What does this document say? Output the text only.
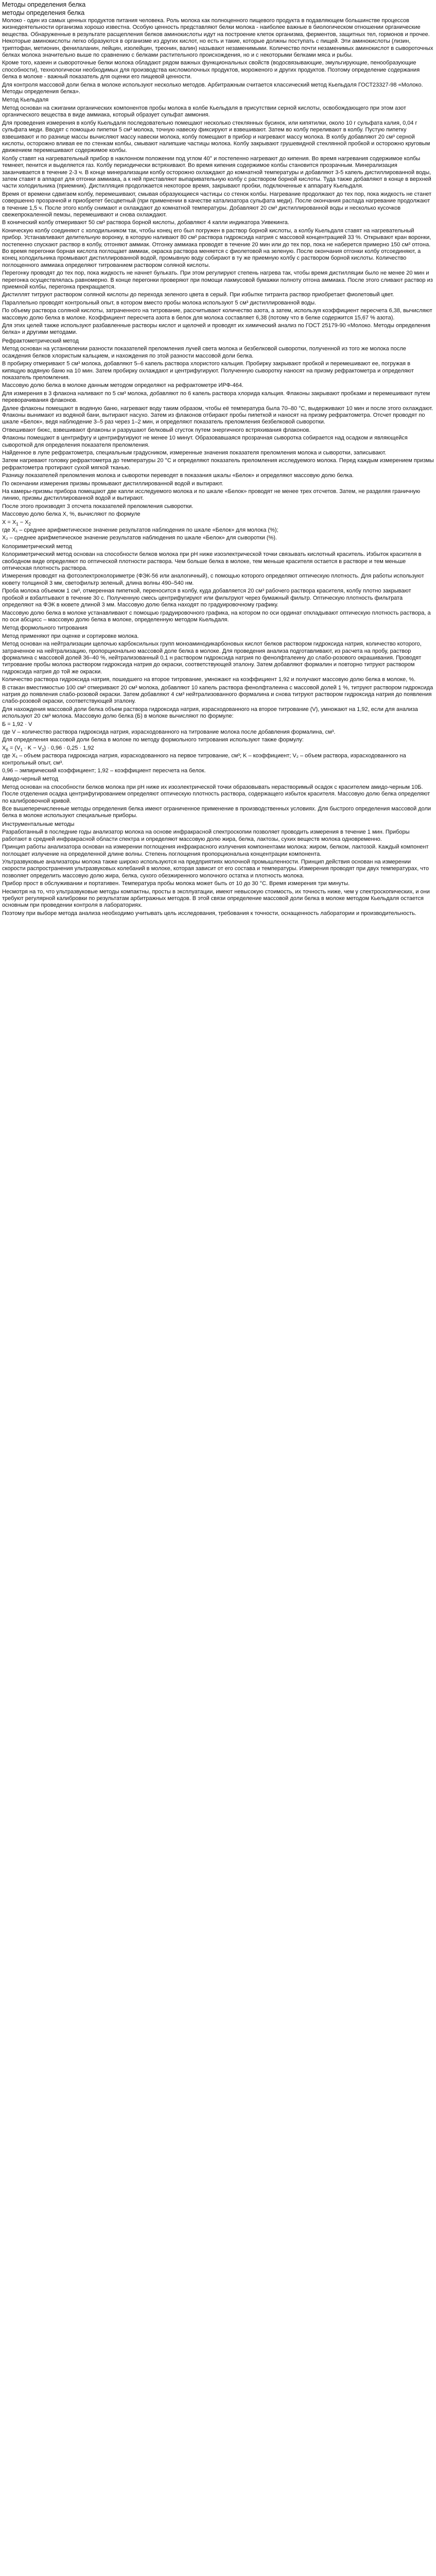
Методы определения белка
методы определения белка
Молоко - один из самых ценных продуктов питания человека. Роль молока как полноценного пищевого продукта в подавляющем большинстве процессов жизнедеятельности организма хорошо известна. Особую ценность представляют белки молока - наиболее важные в биологическом отношении органические вещества. Обнаруженные в результате расщепления белков аминокислоты идут на построение клеток организма, ферментов, защитных тел, гормонов и прочее. Некоторые аминокислоты легко образуются в организме из других кислот, но есть и такие, которые должны поступать с пищей. Эти аминокислоты (лизин, триптофан, метионин, фенилаланин, лейцин, изолейцин, треонин, валин) называют незаменимыми. Количество почти незаменимых аминокислот в сывороточных белках молока значительно выше по сравнению с белками растительного происхождения, но и с некоторыми белками мяса и рыбы.
Кроме того, казеин и сывороточные белки молока обладают рядом важных функциональных свойств (водосвязывающие, эмульгирующие, пенообразующие способности), технологически необходимых для производства кисломолочных продуктов, мороженого и других продуктов. Поэтому определение содержания белка в молоке - важный показатель для оценки его пищевой ценности.
Для контроля массовой доли белка в молоке используют несколько методов. Арбитражным считается классический метод Кьельдаля ГОСТ23327-98 «Молоко. Методы определения белка».
Метод Кьельдаля
Метод основан на сжигании органических компонентов пробы молока в колбе Кьельдаля в присутствии серной кислоты, освобождающего при этом азот органического вещества в виде аммиака, который образует сульфат аммония.
Для проведения измерения в колбу Кьельдаля последовательно помещают несколько стеклянных бусинок, или кипятилки, около 10 г сульфата калия, 0,04 г сульфата меди. Вводят с помощью пипетки 5 см³ молока, точную навеску фиксируют и взвешивают. Затем во колбу переливают в колбу. Пустую пипетку взвешивают и по разнице массы вычисляют массу навески молока, колбу помещают в прибор и нагревают массу молока. В колбу добавляют 20 см³ серной кислоты, осторожно вливая ее по стенкам колбы, смывают налипшие частицы молока. Колбу закрывают грушевидной стеклянной пробкой и осторожно круговым движением перемешивают содержимое колбы.
Колбу ставят на нагревательный прибор в наклонном положении под углом 40° и постепенно нагревают до кипения. Во время нагревания содержимое колбы темнеет, пенится и выделяется газ. Колбу периодически встряхивают. Во время кипения содержимое колбы становится прозрачным. Минерализация заканчивается в течение 2-3 ч. В конце минерализации колбу осторожно охлаждают до комнатной температуры и добавляют 3-5 капель дистиллированной воды, затем ставят в аппарат для отгонки аммиака, а к ней приставляют выпаривательную колбу с раствором борной кислоты. Туда также добавляют в конце в верхней части холодильника (приемник). Дистилляция продолжается некоторое время, закрывают пробки, подключенные к аппарату Кьельдаля.
Время от времени сдвигаем колбу, перемешивают, смывая образующиеся частицы со стенок колбы. Нагревание продолжают до тех пор, пока жидкость не станет совершенно прозрачной и приобретет бесцветный (при применении в качестве катализатора сульфата меди). После окончания распада нагревание продолжают в течение 1,5 ч. После этого колбу снимают и охлаждают до комнатной температуры. Добавляют 20 см³ дистиллированной воды и несколько кусочков свежепрокаленной пемзы, перемешивают и снова охлаждают.
В конический колбу отмеривают 50 см³ раствора борной кислоты, добавляют 4 капли индикатора Уивекинга.
Коническую колбу соединяют с холодильником так, чтобы конец его был погружен в раствор борной кислоты, а колбу Кьельдаля ставят на нагревательный прибор. Устанавливают делительную воронку, в которую наливают 80 см³ раствора гидроксида натрия с массовой концентрацией 33 %. Открывают кран воронки, постепенно спускают раствор в колбу, отгоняют аммиак. Отгонку аммиака проводят в течение 20 мин или до тех пор, пока не наберется примерно 150 см³ отгона. Во время перегонки борная кислота поглощает аммиак, окраска раствора меняется с фиолетовой на зеленую. После окончания отгонки колбу отсоединяют, а конец холодильника промывают дистиллированной водой, промывную воду собирают в ту же приемную колбу с раствором борной кислоты. Количество поглощенного аммиака определяют титрованием раствором соляной кислоты.
Перегонку проводят до тех пор, пока жидкость не начнет булькать. При этом регулируют степень нагрева так, чтобы время дистилляции было не менее 20 мин и перегонка осуществлялась равномерно. В конце перегонки проверяют при помощи лакмусовой бумажки полноту отгона аммиака. После этого сливают раствор из приемной колбы, перегонка прекращается.
Дистиллят титруют раствором соляной кислоты до перехода зеленого цвета в серый. При избытке титранта раствор приобретает фиолетовый цвет.
Параллельно проводят контрольный опыт, в котором вместо пробы молока используют 5 см³ дистиллированной воды.
По объему раствора соляной кислоты, затраченного на титрование, рассчитывают количество азота, а затем, используя коэффициент пересчета 6,38, вычисляют массовую долю белка в молоке. Коэффициент пересчета азота в белок для молока составляет 6,38 (потому что в белке содержится 15,67 % азота).
Для этих целей также используют разбавленные растворы кислот и щелочей и проводят их химический анализ по ГОСТ 25179-90 «Молоко. Методы определения белка» и другими методами.
Рефрактометрический метод
Метод основан на установлении разности показателей преломления лучей света молока и безбелковой сыворотки, полученной из того же молока после осаждения белков хлористым кальцием, и нахождения по этой разности массовой доли белка.
В пробирку отмеривают 5 см³ молока, добавляют 5–6 капель раствора хлористого кальция. Пробирку закрывают пробкой и перемешивают ее, погружая в кипящую водяную баню на 10 мин. Затем пробирку охлаждают и центрифугируют. Полученную сыворотку наносят на призму рефрактометра и определяют показатель преломления.
Массовую долю белка в молоке данным методом определяют на рефрактометре ИРФ-464.
Для измерения в 3 флакона наливают по 5 см³ молока, добавляют по 6 капель раствора хлорида кальция. Флаконы закрывают пробками и перемешивают путем переворачивания флаконов.
Далее флаконы помещают в водяную баню, нагревают воду таким образом, чтобы её температура была 70–80 °С, выдерживают 10 мин и после этого охлаждают. Флаконы вынимают из водяной бани, вытирают насухо. Затем из флаконов отбирают пробы пипеткой и наносят на призму рефрактометра. Отсчет проводят по шкале «Белок», ведя наблюдение 3–5 раз через 1–2 мин, и определяют показатель преломления безбелковой сыворотки.
Отвешивают бюкс, взвешивают флаконы и разрушают белковый сгусток путем энергичного встряхивания флаконов.
Флаконы помещают в центрифугу и центрифугируют не менее 10 минут. Образовавшаяся прозрачная сыворотка собирается над осадком и являющейся сывороткой для определения показателя преломления.
Найденное в лупе рефрактометра, специальным градусником, измеренные значения показателя преломления молока и сыворотки, записывают.
Затем нагревают головку рефрактометра до температуры 20 °С и определяют показатель преломления исследуемого молока. Перед каждым измерением призмы рефрактометра протирают сухой мягкой тканью.
Разницу показателей преломления молока и сыворотки переводят в показания шкалы «Белок» и определяют массовую долю белка.
По окончании измерения призмы промывают дистиллированной водой и вытирают.
На камеры-призмы прибора помещают две капли исследуемого молока и по шкале «Белок» проводят не менее трех отсчетов. Затем, не разделяя граничную линию, призмы дистиллированной водой и вытирают.
После этого производят 3 отсчета показателей преломления сыворотки.
Массовую долю белка Х, %, вычисляют по формуле
$X = X_1 - X_2$
где X₁ – среднее арифметическое значение результатов наблюдения по шкале «Белок» для молока (%);
X₂ – среднее арифметическое значение результатов наблюдения по шкале «Белок» для сыворотки (%).
Колориметрический метод
Колориметрический метод основан на способности белков молока при pH ниже изоэлектрической точки связывать кислотный краситель. Избыток красителя в свободном виде определяют по оптической плотности раствора. Чем больше белка в молоке, тем меньше красителя остается в растворе и тем меньше оптическая плотность раствора.
Измерения проводят на фотоэлектроколориметре (ФЭК-56 или аналогичный), с помощью которого определяют оптическую плотность. Для работы используют кювету толщиной 3 мм, светофильтр зеленый, длина волны 490–540 нм.
Проба молока объемом 1 см³, отмеренная пипеткой, переносится в колбу, куда добавляется 20 см³ рабочего раствора красителя, колбу плотно закрывают пробкой и взбалтывают в течение 30 с. Полученную смесь центрифугируют или фильтруют через бумажный фильтр. Оптическую плотность фильтрата определяют на ФЭК в кювете длиной 3 мм. Массовую долю белка находят по градуировочному графику.
Массовую долю белка в молоке устанавливают с помощью градуировочного графика, на котором по оси ординат откладывают оптическую плотность раствора, а по оси абсцисс – массовую долю белка в молоке, определенную методом Кьельдаля.
Метод формольного титрования
Метод применяют при оценке и сортировке молока.
Метод основан на нейтрализации щелочью карбоксильных групп моноаминодикарбоновых кислот белков раствором гидроксида натрия, количество которого, затраченное на нейтрализацию, пропорционально массовой доле белка в молоке. Для проведения анализа подготавливают, из расчета на пробу, раствор формалина с массовой долей 36–40 %, нейтрализованный 0,1 н раствором гидроксида натрия по фенолфталеину до слабо-розового окрашивания. Проводят титрование пробы молока раствором гидроксида натрия до окраски, соответствующей эталону. Затем добавляют формалин и повторно титруют раствором гидроксида натрия до той же окраски.
Количество раствора гидроксида натрия, пошедшего на второе титрование, умножают на коэффициент 1,92 и получают массовую долю белка в молоке, %.
В стакан вместимостью 100 см³ отмеривают 20 см³ молока, добавляют 10 капель раствора фенолфталеина с массовой долей 1 %, титруют раствором гидроксида натрия до появления слабо-розовой окраски. Затем добавляют 4 см³ нейтрализованного формалина и снова титруют раствором гидроксида натрия до появления слабо-розовой окраски, соответствующей эталону.
Для нахождения массовой доли белка объем раствора гидроксида натрия, израсходованного на второе титрование (V), умножают на 1,92, если для анализа используют 20 см³ молока. Массовую долю белка (Б) в молоке вычисляют по формуле:
Б = 1,92 · V
где V – количество раствора гидроксида натрия, израсходованного на титрование молока после добавления формалина, см³.
Для определения массовой доли белка в молоке по методу формольного титрования используют также формулу:
$X_б = (V_1 \cdot K - V_2) \cdot 0,96 \cdot 0,25 \cdot 1,92$
где X₁ – объем раствора гидроксида натрия, израсходованного на первое титрование, см³; K – коэффициент; V₂ – объем раствора, израсходованного на контрольный опыт, см³.
0,96 – эмпирический коэффициент; 1,92 – коэффициент пересчета на белок.
Амидо-черный метод
Метод основан на способности белков молока при pH ниже их изоэлектрической точки образовывать нерастворимый осадок с красителем амидо-черным 10Б. После отделения осадка центрифугированием определяют оптическую плотность раствора, содержащего избыток красителя. Массовую долю белка определяют по калибровочной кривой.
Все вышеперечисленные методы определения белка имеют ограниченное применение в производственных условиях. Для быстрого определения массовой доли белка в молоке используют специальные приборы.
Инструментальные методы
Разработанный в последние годы анализатор молока на основе инфракрасной спектроскопии позволяет проводить измерения в течение 1 мин. Приборы работают в средней инфракрасной области спектра и определяют массовую долю жира, белка, лактозы, сухих веществ молока одновременно.
Принцип работы анализатора основан на измерении поглощения инфракрасного излучения компонентами молока: жиром, белком, лактозой. Каждый компонент поглощает излучение на определенной длине волны. Степень поглощения пропорциональна концентрации компонента.
Ультразвуковые анализаторы молока также широко используются на предприятиях молочной промышленности. Принцип действия основан на измерении скорости распространения ультразвуковых колебаний в молоке, которая зависит от его состава и температуры. Измерения проводят при двух температурах, что позволяет определить массовую долю жира, белка, сухого обезжиренного молочного остатка и плотность молока.
Прибор прост в обслуживании и портативен. Температура пробы молока может быть от 10 до 30 °С. Время измерения три минуты.
Несмотря на то, что ультразвуковые методы компактны, просты в эксплуатации, имеют невысокую стоимость, их точность ниже, чем у спектроскопических, и они требуют регулярной калибровки по результатам арбитражных методов. В этой связи определение массовой доли белка в молоке методом Кьельдаля остается основным при проведении контроля в лабораториях.
Поэтому при выборе метода анализа необходимо учитывать цель исследования, требования к точности, оснащенность лаборатории и производительность.
